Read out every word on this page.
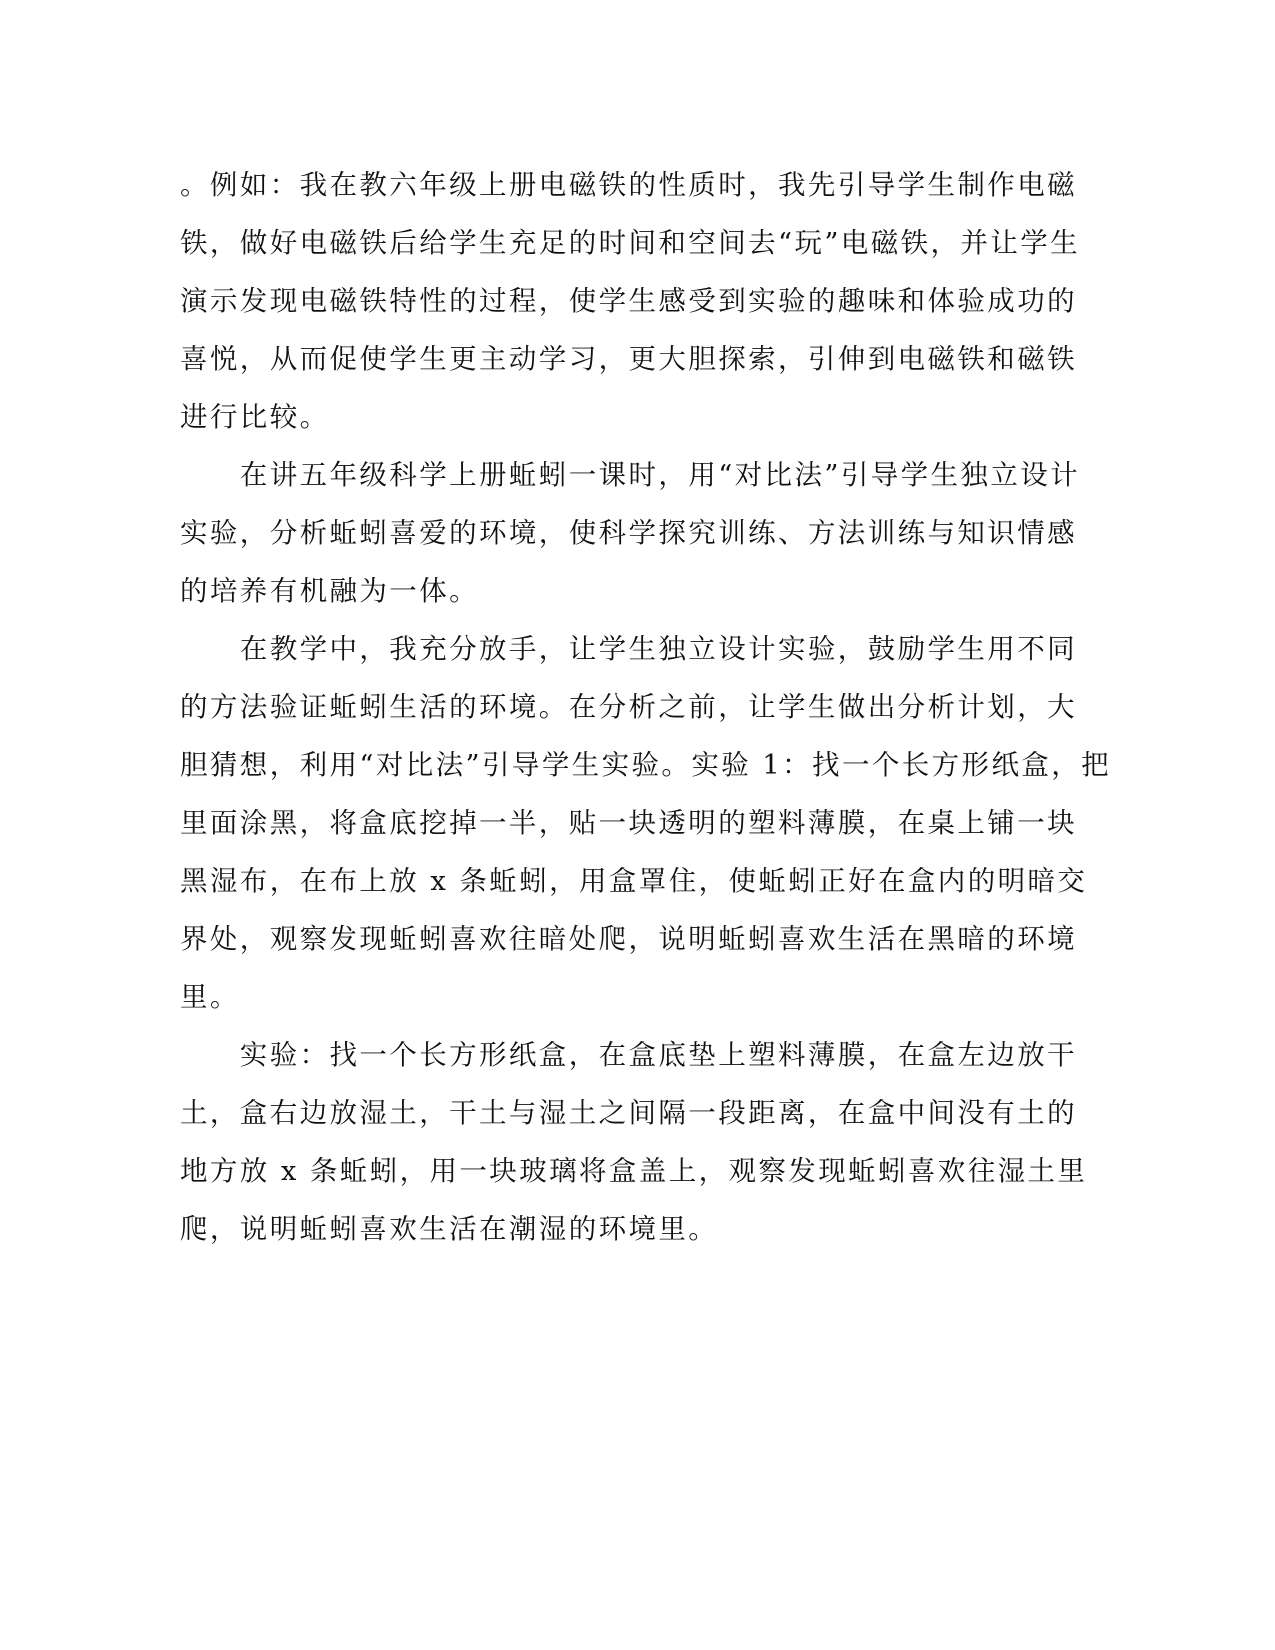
。例如：我在教六年级上册电磁铁的性质时，我先引导学生制作电磁
铁，做好电磁铁后给学生充足的时间和空间去“玩”电磁铁，并让学生
演示发现电磁铁特性的过程，使学生感受到实验的趣味和体验成功的
喜悦，从而促使学生更主动学习，更大胆探索，引伸到电磁铁和磁铁
进行比较。
　　在讲五年级科学上册蚯蚓一课时，用“对比法”引导学生独立设计
实验，分析蚯蚓喜爱的环境，使科学探究训练、方法训练与知识情感
的培养有机融为一体。
　　在教学中，我充分放手，让学生独立设计实验，鼓励学生用不同
的方法验证蚯蚓生活的环境。在分析之前，让学生做出分析计划，大
胆猜想，利用“对比法”引导学生实验。实验 1：找一个长方形纸盒，把
里面涂黑，将盒底挖掉一半，贴一块透明的塑料薄膜，在桌上铺一块
黑湿布，在布上放 x 条蚯蚓，用盒罩住，使蚯蚓正好在盒内的明暗交
界处，观察发现蚯蚓喜欢往暗处爬，说明蚯蚓喜欢生活在黑暗的环境
里。
　　实验：找一个长方形纸盒，在盒底垫上塑料薄膜，在盒左边放干
土，盒右边放湿土，干土与湿土之间隔一段距离，在盒中间没有土的
地方放 x 条蚯蚓，用一块玻璃将盒盖上，观察发现蚯蚓喜欢往湿土里
爬，说明蚯蚓喜欢生活在潮湿的环境里。
